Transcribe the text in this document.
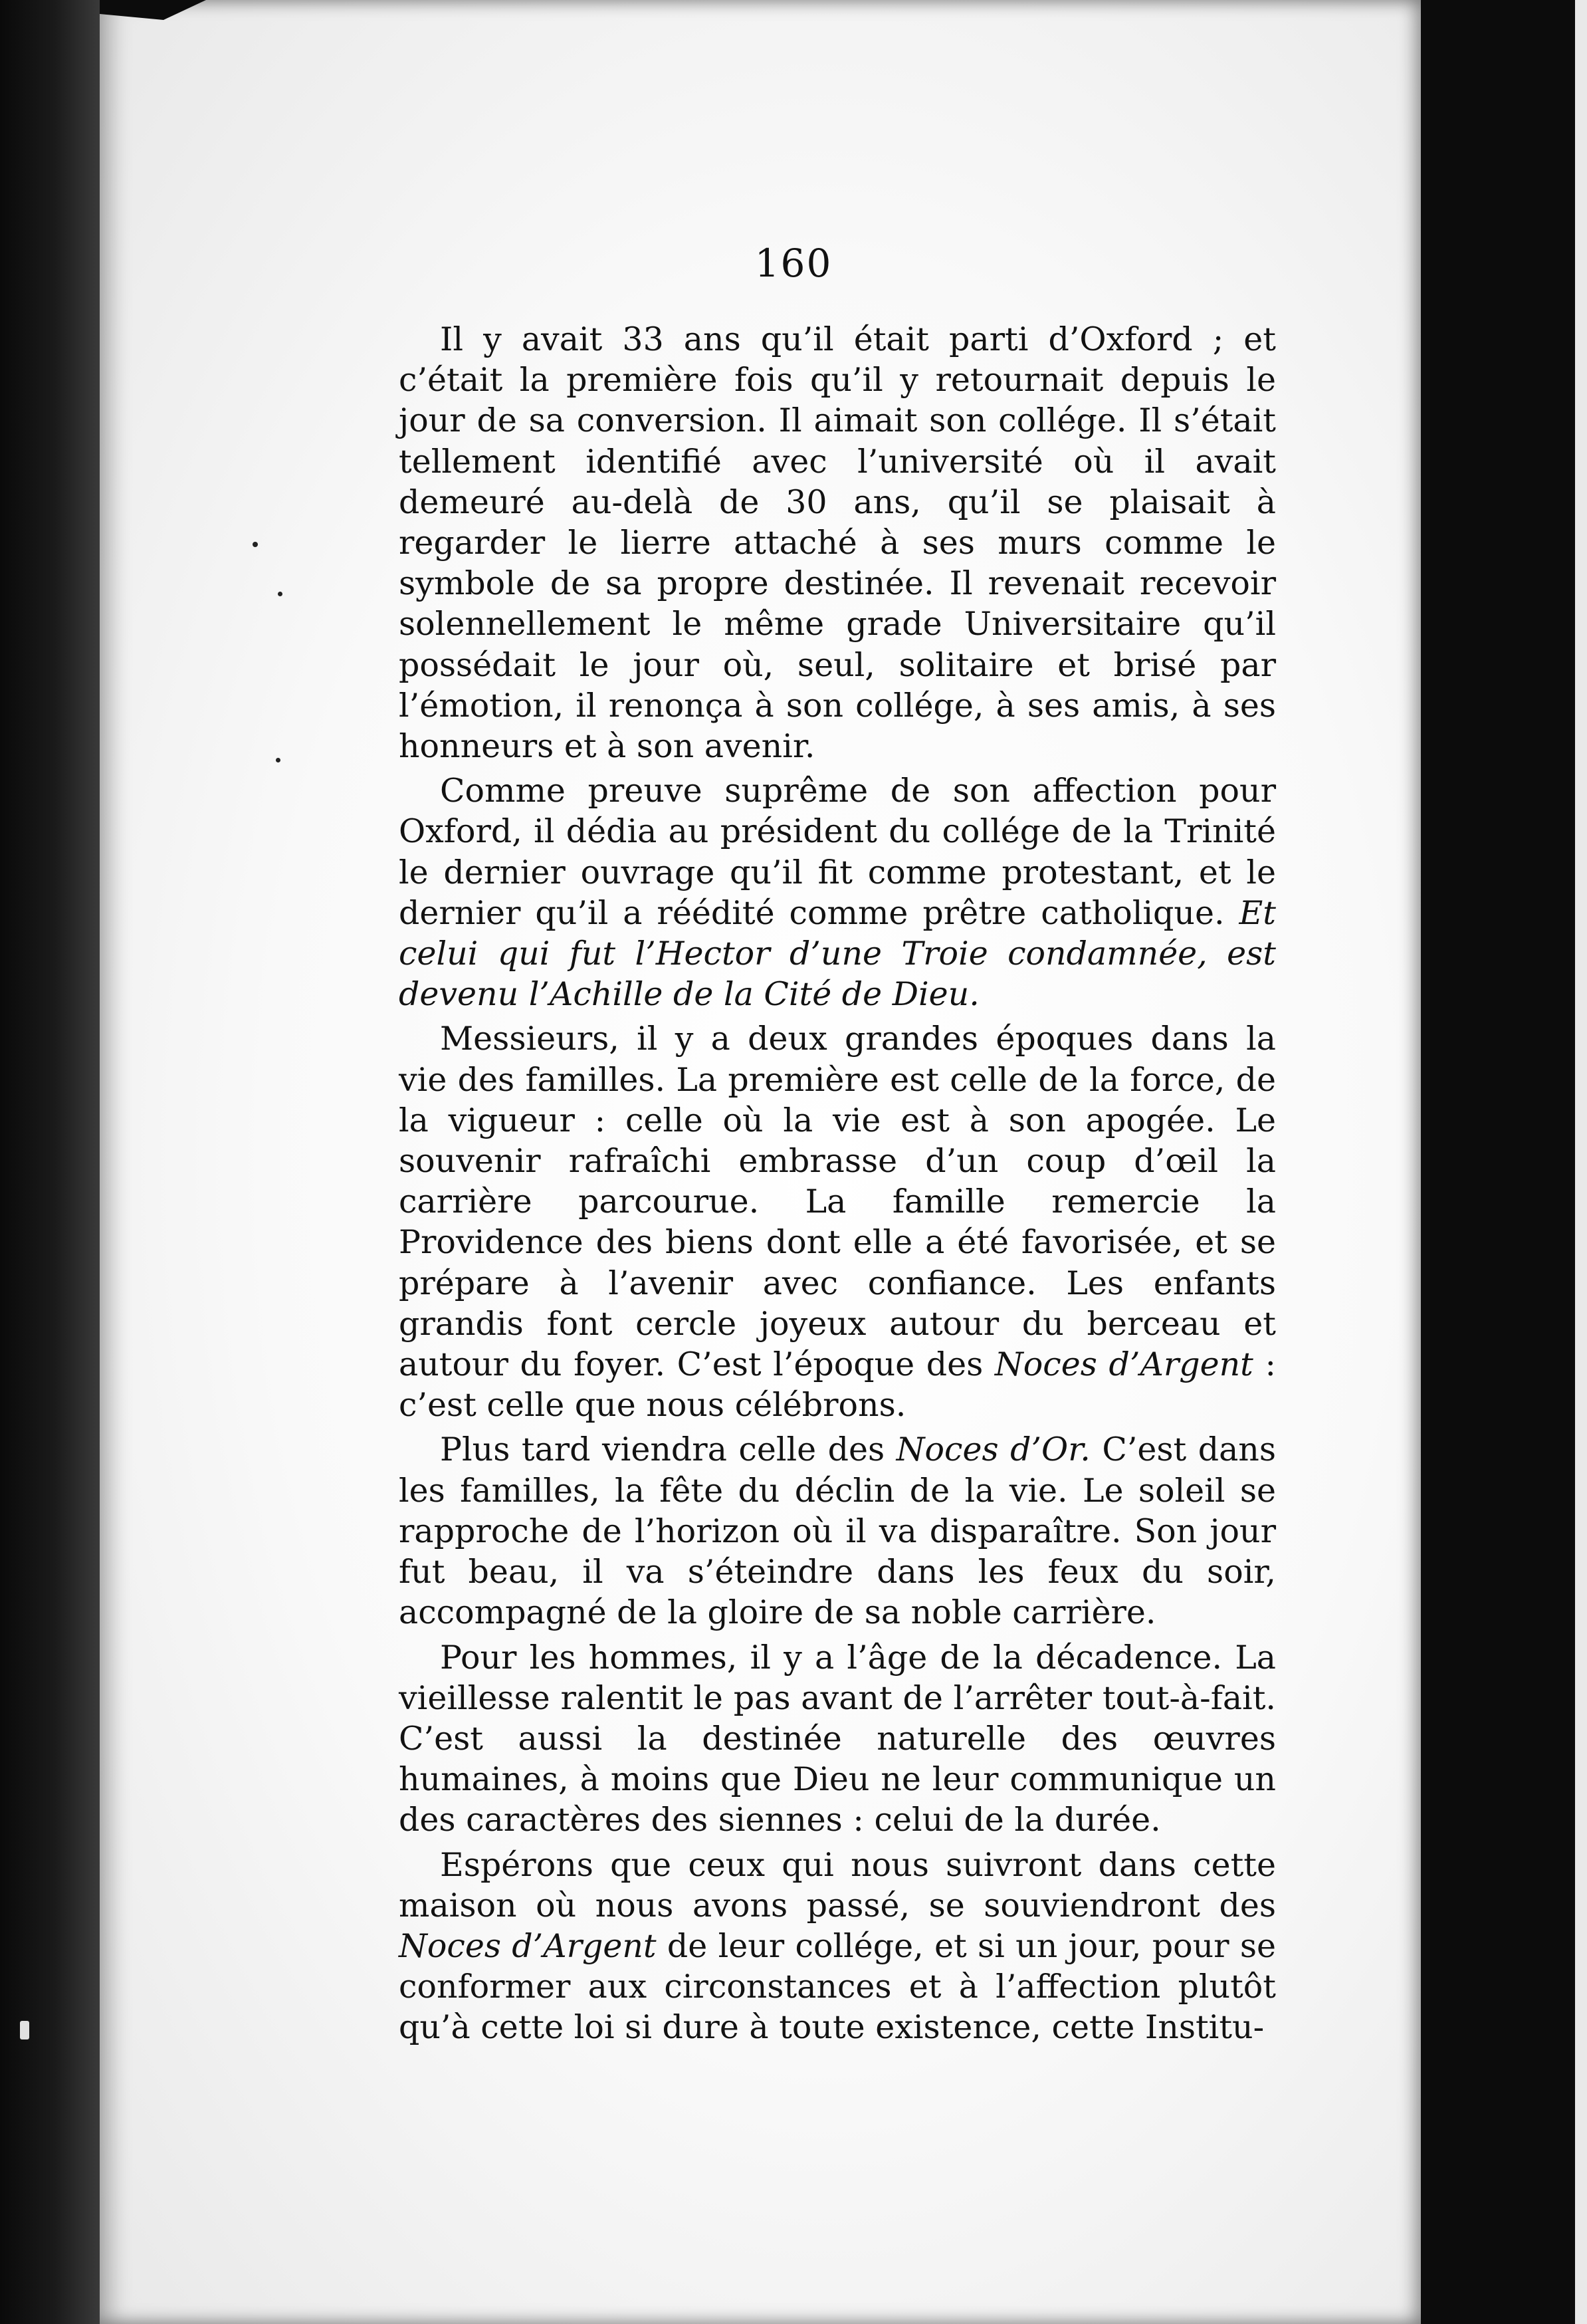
160

Il y avait 33 ans qu’il était parti d’Oxford ; et c’était la première fois qu’il y retournait depuis le jour de sa conversion. Il aimait son collége. Il s’était tellement identifié avec l’université où il avait demeuré au-delà de 30 ans, qu’il se plaisait à regarder le lierre attaché à ses murs comme le symbole de sa propre destinée. Il revenait recevoir solennellement le même grade Universitaire qu’il possédait le jour où, seul, solitaire et brisé par l’émotion, il renonça à son collége, à ses amis, à ses honneurs et à son avenir.

Comme preuve suprême de son affection pour Oxford, il dédia au président du collége de la Trinité le dernier ouvrage qu’il fit comme protestant, et le dernier qu’il a réédité comme prêtre catholique. Et celui qui fut l’Hector d’une Troie condamnée, est devenu l’Achille de la Cité de Dieu.

Messieurs, il y a deux grandes époques dans la vie des familles. La première est celle de la force, de la vigueur : celle où la vie est à son apogée. Le souvenir rafraîchi embrasse d’un coup d’œil la carrière parcourue. La famille remercie la Providence des biens dont elle a été favorisée, et se prépare à l’avenir avec confiance. Les enfants grandis font cercle joyeux autour du berceau et autour du foyer. C’est l’époque des Noces d’Argent : c’est celle que nous célébrons.

Plus tard viendra celle des Noces d’Or. C’est dans les familles, la fête du déclin de la vie. Le soleil se rapproche de l’horizon où il va disparaître. Son jour fut beau, il va s’éteindre dans les feux du soir, accompagné de la gloire de sa noble carrière.

Pour les hommes, il y a l’âge de la décadence. La vieillesse ralentit le pas avant de l’arrêter tout-à-fait. C’est aussi la destinée naturelle des œuvres humaines, à moins que Dieu ne leur communique un des caractères des siennes : celui de la durée.

Espérons que ceux qui nous suivront dans cette maison où nous avons passé, se souviendront des Noces d’Argent de leur collége, et si un jour, pour se conformer aux circonstances et à l’affection plutôt qu’à cette loi si dure à toute existence, cette Institu-
